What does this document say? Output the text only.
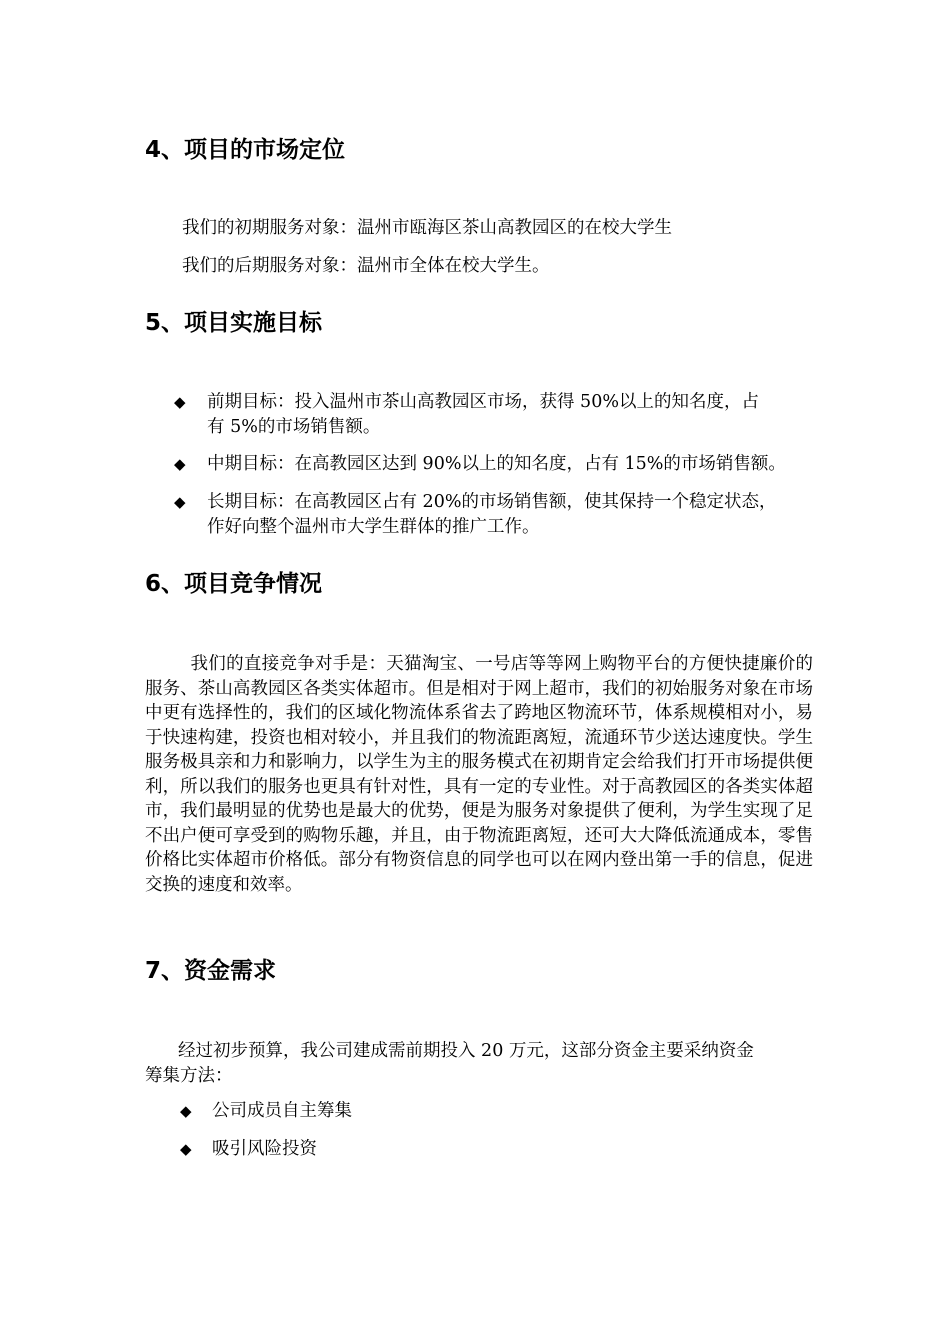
4、项目的市场定位
我们的初期服务对象：温州市瓯海区茶山高教园区的在校大学生
我们的后期服务对象：温州市全体在校大学生。
5、项目实施目标
◆ 前期目标：投入温州市茶山高教园区市场，获得 50%以上的知名度，占
有 5%的市场销售额。
◆ 中期目标：在高教园区达到 90%以上的知名度，占有 15%的市场销售额。
◆ 长期目标：在高教园区占有 20%的市场销售额，使其保持一个稳定状态，
作好向整个温州市大学生群体的推广工作。
6、项目竞争情况
我们的直接竞争对手是：天猫淘宝、一号店等等网上购物平台的方便快捷廉价的服务、茶山高教园区各类实体超市。但是相对于网上超市，我们的初始服务对象在市场中更有选择性的，我们的区域化物流体系省去了跨地区物流环节，体系规模相对小，易于快速构建，投资也相对较小，并且我们的物流距离短，流通环节少送达速度快。学生服务极具亲和力和影响力，以学生为主的服务模式在初期肯定会给我们打开市场提供便利，所以我们的服务也更具有针对性，具有一定的专业性。对于高教园区的各类实体超市，我们最明显的优势也是最大的优势，便是为服务对象提供了便利，为学生实现了足不出户便可享受到的购物乐趣，并且，由于物流距离短，还可大大降低流通成本，零售价格比实体超市价格低。部分有物资信息的同学也可以在网内登出第一手的信息，促进交换的速度和效率。
7、资金需求
经过初步预算，我公司建成需前期投入 20 万元，这部分资金主要采纳资金
筹集方法：
◆ 公司成员自主筹集
◆ 吸引风险投资
